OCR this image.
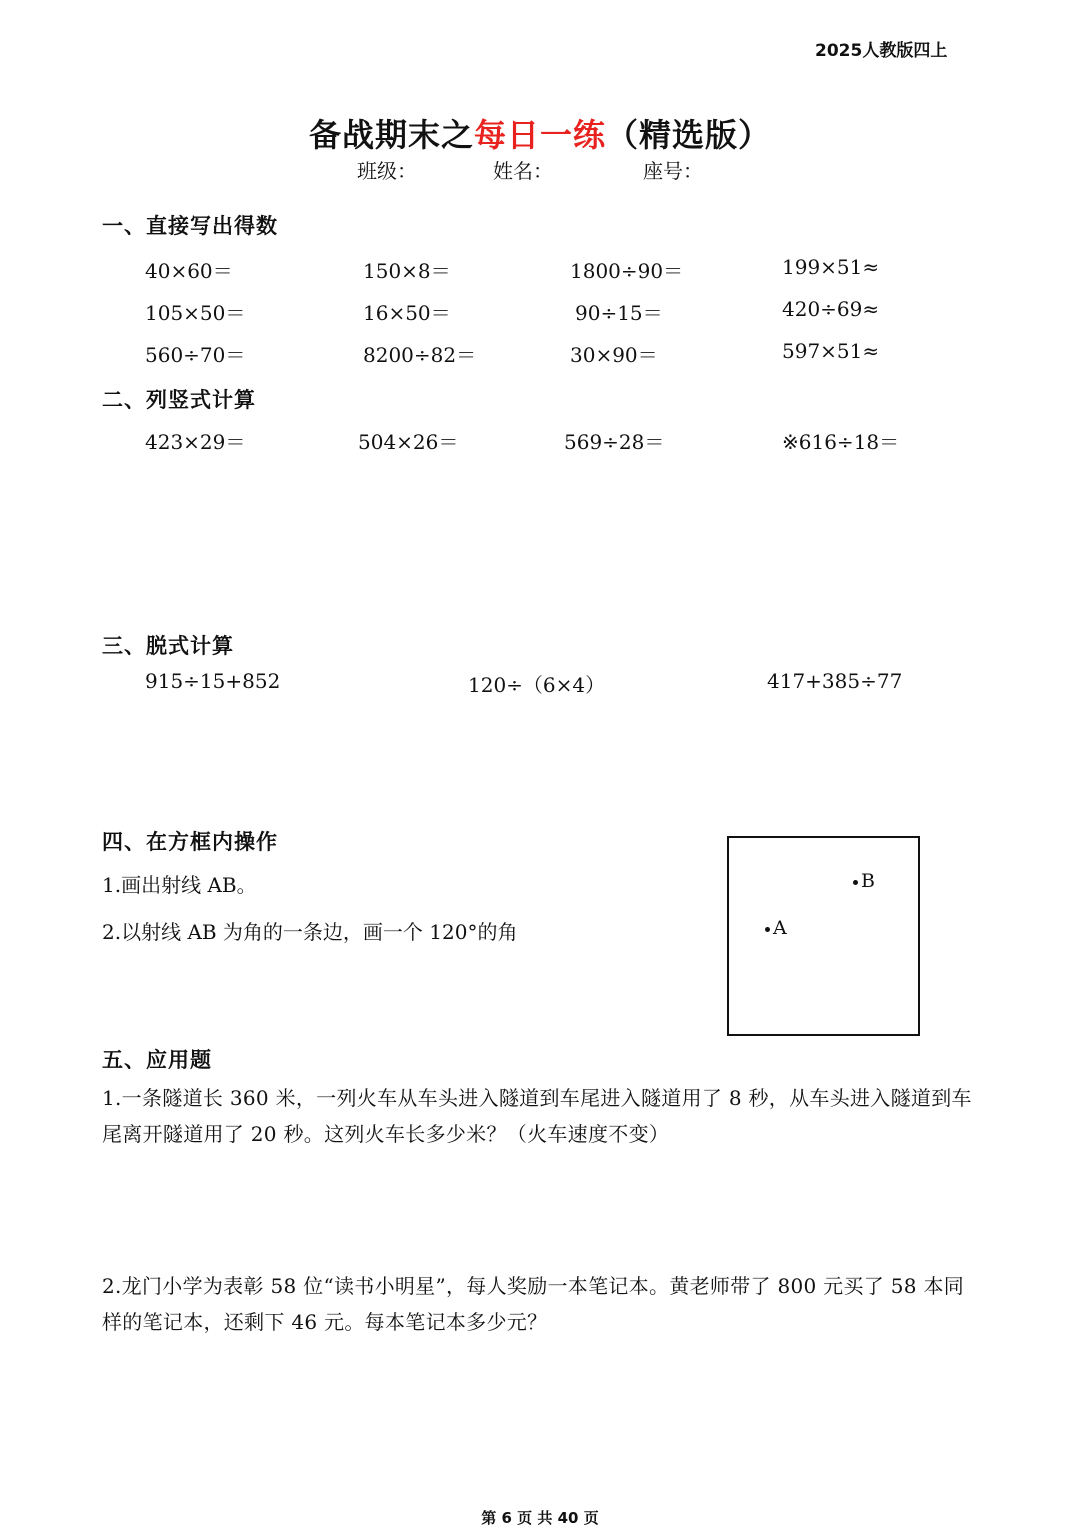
2025人教版四上
备战期末之每日一练（精选版）
班级：	姓名：	座号：
一、直接写出得数
40×60＝	150×8＝	1800÷90＝	199×51≈
105×50＝	16×50＝	90÷15＝	420÷69≈
560÷70＝	8200÷82＝	30×90＝	597×51≈
二、列竖式计算
423×29＝	504×26＝	569÷28＝	※616÷18＝
三、脱式计算
915÷15+852	120÷（6×4）	417+385÷77
四、在方框内操作
1.画出射线 AB。
2.以射线 AB 为角的一条边，画一个 120°的角
B
A
五、应用题
1.一条隧道长 360 米，一列火车从车头进入隧道到车尾进入隧道用了 8 秒，从车头进入隧道到车尾离开隧道用了 20 秒。这列火车长多少米？（火车速度不变）
2.龙门小学为表彰 58 位“读书小明星”，每人奖励一本笔记本。黄老师带了 800 元买了 58 本同样的笔记本，还剩下 46 元。每本笔记本多少元？
第 6 页 共 40 页
